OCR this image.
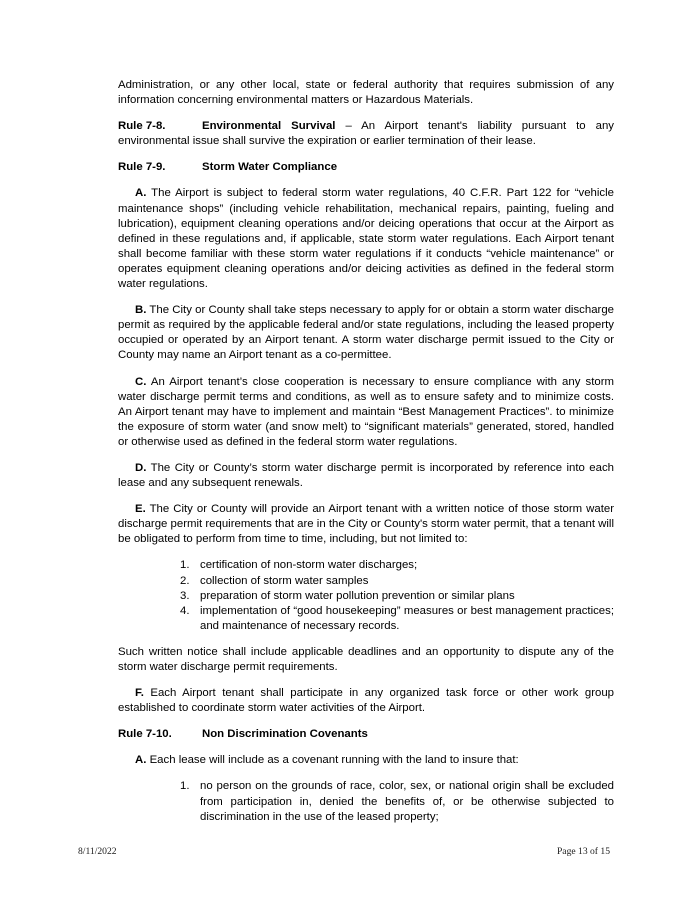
Administration, or any other local, state or federal authority that requires submission of any information concerning environmental matters or Hazardous Materials.

Rule 7-8.	Environmental Survival – An Airport tenant's liability pursuant to any environmental issue shall survive the expiration or earlier termination of their lease.

Rule 7-9.	Storm Water Compliance

A. The Airport is subject to federal storm water regulations, 40 C.F.R. Part 122 for “vehicle maintenance shops” (including vehicle rehabilitation, mechanical repairs, painting, fueling and lubrication), equipment cleaning operations and/or deicing operations that occur at the Airport as defined in these regulations and, if applicable, state storm water regulations. Each Airport tenant shall become familiar with these storm water regulations if it conducts “vehicle maintenance” or operates equipment cleaning operations and/or deicing activities as defined in the federal storm water regulations.

B. The City or County shall take steps necessary to apply for or obtain a storm water discharge permit as required by the applicable federal and/or state regulations, including the leased property occupied or operated by an Airport tenant. A storm water discharge permit issued to the City or County may name an Airport tenant as a co-permittee.

C. An Airport tenant’s close cooperation is necessary to ensure compliance with any storm water discharge permit terms and conditions, as well as to ensure safety and to minimize costs. An Airport tenant may have to implement and maintain “Best Management Practices”. to minimize the exposure of storm water (and snow melt) to “significant materials” generated, stored, handled or otherwise used as defined in the federal storm water regulations.

D. The City or County’s storm water discharge permit is incorporated by reference into each lease and any subsequent renewals.

E. The City or County will provide an Airport tenant with a written notice of those storm water discharge permit requirements that are in the City or County's storm water permit, that a tenant will be obligated to perform from time to time, including, but not limited to:

1. certification of non-storm water discharges;
2. collection of storm water samples
3. preparation of storm water pollution prevention or similar plans
4. implementation of “good housekeeping” measures or best management practices; and maintenance of necessary records.

Such written notice shall include applicable deadlines and an opportunity to dispute any of the storm water discharge permit requirements.

F. Each Airport tenant shall participate in any organized task force or other work group established to coordinate storm water activities of the Airport.

Rule 7-10.	Non Discrimination Covenants

A. Each lease will include as a covenant running with the land to insure that:

1. no person on the grounds of race, color, sex, or national origin shall be excluded from participation in, denied the benefits of, or be otherwise subjected to discrimination in the use of the leased property;
8/11/2022	Page 13 of 15
